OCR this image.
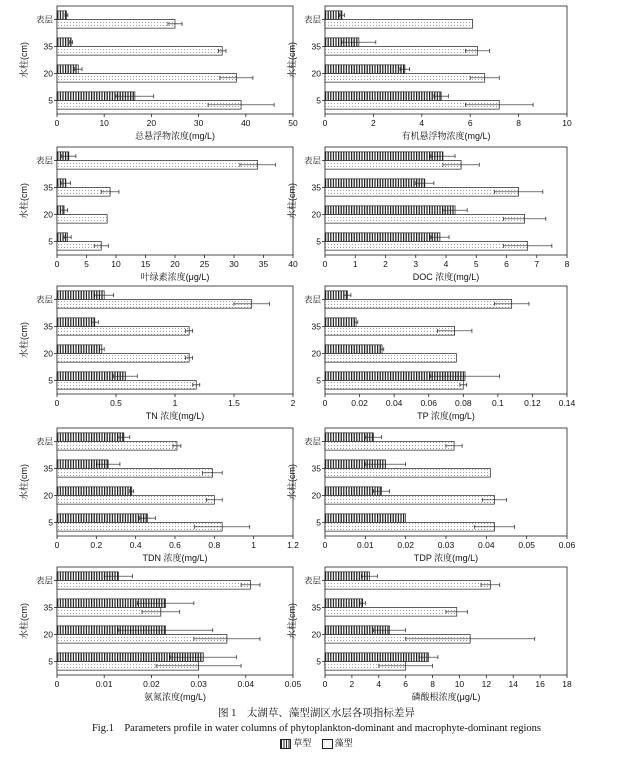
0	10	20	30	40	50
总悬浮物浓度(mg/L)
水柱(cm)
表层
35
20
5
0	2	4	6	8	10
有机悬浮物浓度(mg/L)
水柱(cm)
表层
35
20
5
0	5	10 15 20 25 30 35 40
叶绿素浓度(μg/L)
水柱(cm)
表层
35
20
5
0	1	2	3	4	5	6	7	8
DOC 浓度(mg/L)
水柱(cm)
表层
35
20
5
0	0.5	1	1.5	2
TN 浓度(mg/L)
水柱(cm)
表层
35
20
5
0	0.02 0.04 0.06 0.08 0.1 0.12 0.14
TP 浓度(mg/L)
表层
35
20
5
0	0.2	0.4	0.6	0.8	1	1.2
TDN 浓度(mg/L)
水柱(cm)
表层
35
20
5
0	0.01	0.02	0.03	0.04	0.05	0.06
TDP 浓度(mg/L)
水柱(cm)
表层
35
20
5
0	0.01	0.02	0.03	0.04	0.05
氨氮浓度(mg/L)
水柱(cm)
表层
35
20
5
0	2	4	6	8 10 12 14 16 18
磷酸根浓度(μg/L)
水柱(cm)
表层
35
20
5
图 1　太湖草、藻型湖区水层各项指标差异
Fig.1　Parameters profile in water columns of phytoplankton-dominant and macrophyte-dominant regions
草型	藻型
